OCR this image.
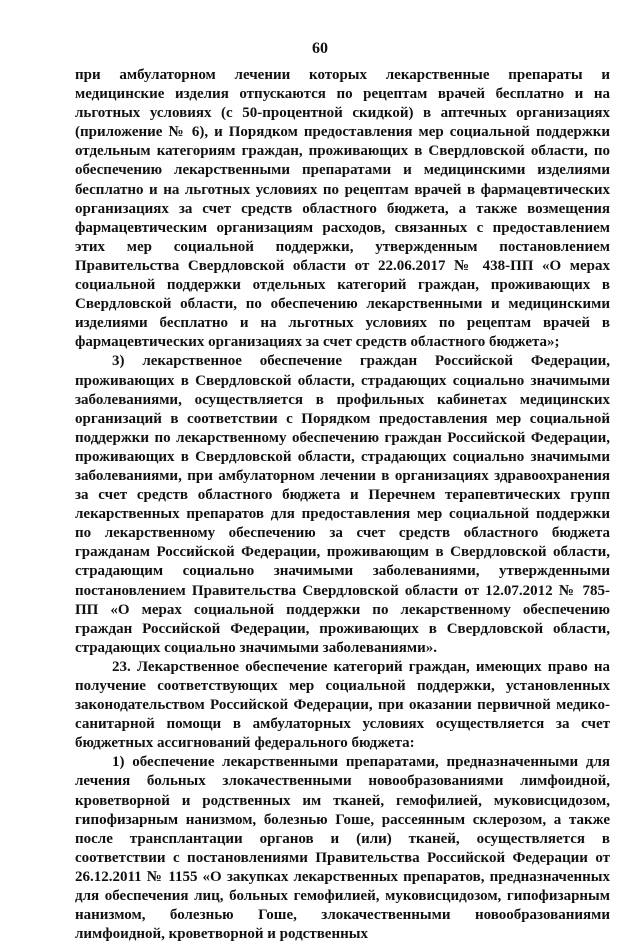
60

при амбулаторном лечении которых лекарственные препараты и медицинские изделия отпускаются по рецептам врачей бесплатно и на льготных условиях (с 50-процентной скидкой) в аптечных организациях (приложение № 6), и Порядком предоставления мер социальной поддержки отдельным категориям граждан, проживающих в Свердловской области, по обеспечению лекарственными препаратами и медицинскими изделиями бесплатно и на льготных условиях по рецептам врачей в фармацевтических организациях за счет средств областного бюджета, а также возмещения фармацевтическим организациям расходов, связанных с предоставлением этих мер социальной поддержки, утвержденным постановлением Правительства Свердловской области от 22.06.2017 № 438-ПП «О мерах социальной поддержки отдельных категорий граждан, проживающих в Свердловской области, по обеспечению лекарственными и медицинскими изделиями бесплатно и на льготных условиях по рецептам врачей в фармацевтических организациях за счет средств областного бюджета»;

3) лекарственное обеспечение граждан Российской Федерации, проживающих в Свердловской области, страдающих социально значимыми заболеваниями, осуществляется в профильных кабинетах медицинских организаций в соответствии с Порядком предоставления мер социальной поддержки по лекарственному обеспечению граждан Российской Федерации, проживающих в Свердловской области, страдающих социально значимыми заболеваниями, при амбулаторном лечении в организациях здравоохранения за счет средств областного бюджета и Перечнем терапевтических групп лекарственных препаратов для предоставления мер социальной поддержки по лекарственному обеспечению за счет средств областного бюджета гражданам Российской Федерации, проживающим в Свердловской области, страдающим социально значимыми заболеваниями, утвержденными постановлением Правительства Свердловской области от 12.07.2012 № 785-ПП «О мерах социальной поддержки по лекарственному обеспечению граждан Российской Федерации, проживающих в Свердловской области, страдающих социально значимыми заболеваниями».

23. Лекарственное обеспечение категорий граждан, имеющих право на получение соответствующих мер социальной поддержки, установленных законодательством Российской Федерации, при оказании первичной медико-санитарной помощи в амбулаторных условиях осуществляется за счет бюджетных ассигнований федерального бюджета:

1) обеспечение лекарственными препаратами, предназначенными для лечения больных злокачественными новообразованиями лимфоидной, кроветворной и родственных им тканей, гемофилией, муковисцидозом, гипофизарным нанизмом, болезнью Гоше, рассеянным склерозом, а также после трансплантации органов и (или) тканей, осуществляется в соответствии с постановлениями Правительства Российской Федерации от 26.12.2011 № 1155 «О закупках лекарственных препаратов, предназначенных для обеспечения лиц, больных гемофилией, муковисцидозом, гипофизарным нанизмом, болезнью Гоше, злокачественными новообразованиями лимфоидной, кроветворной и родственных
